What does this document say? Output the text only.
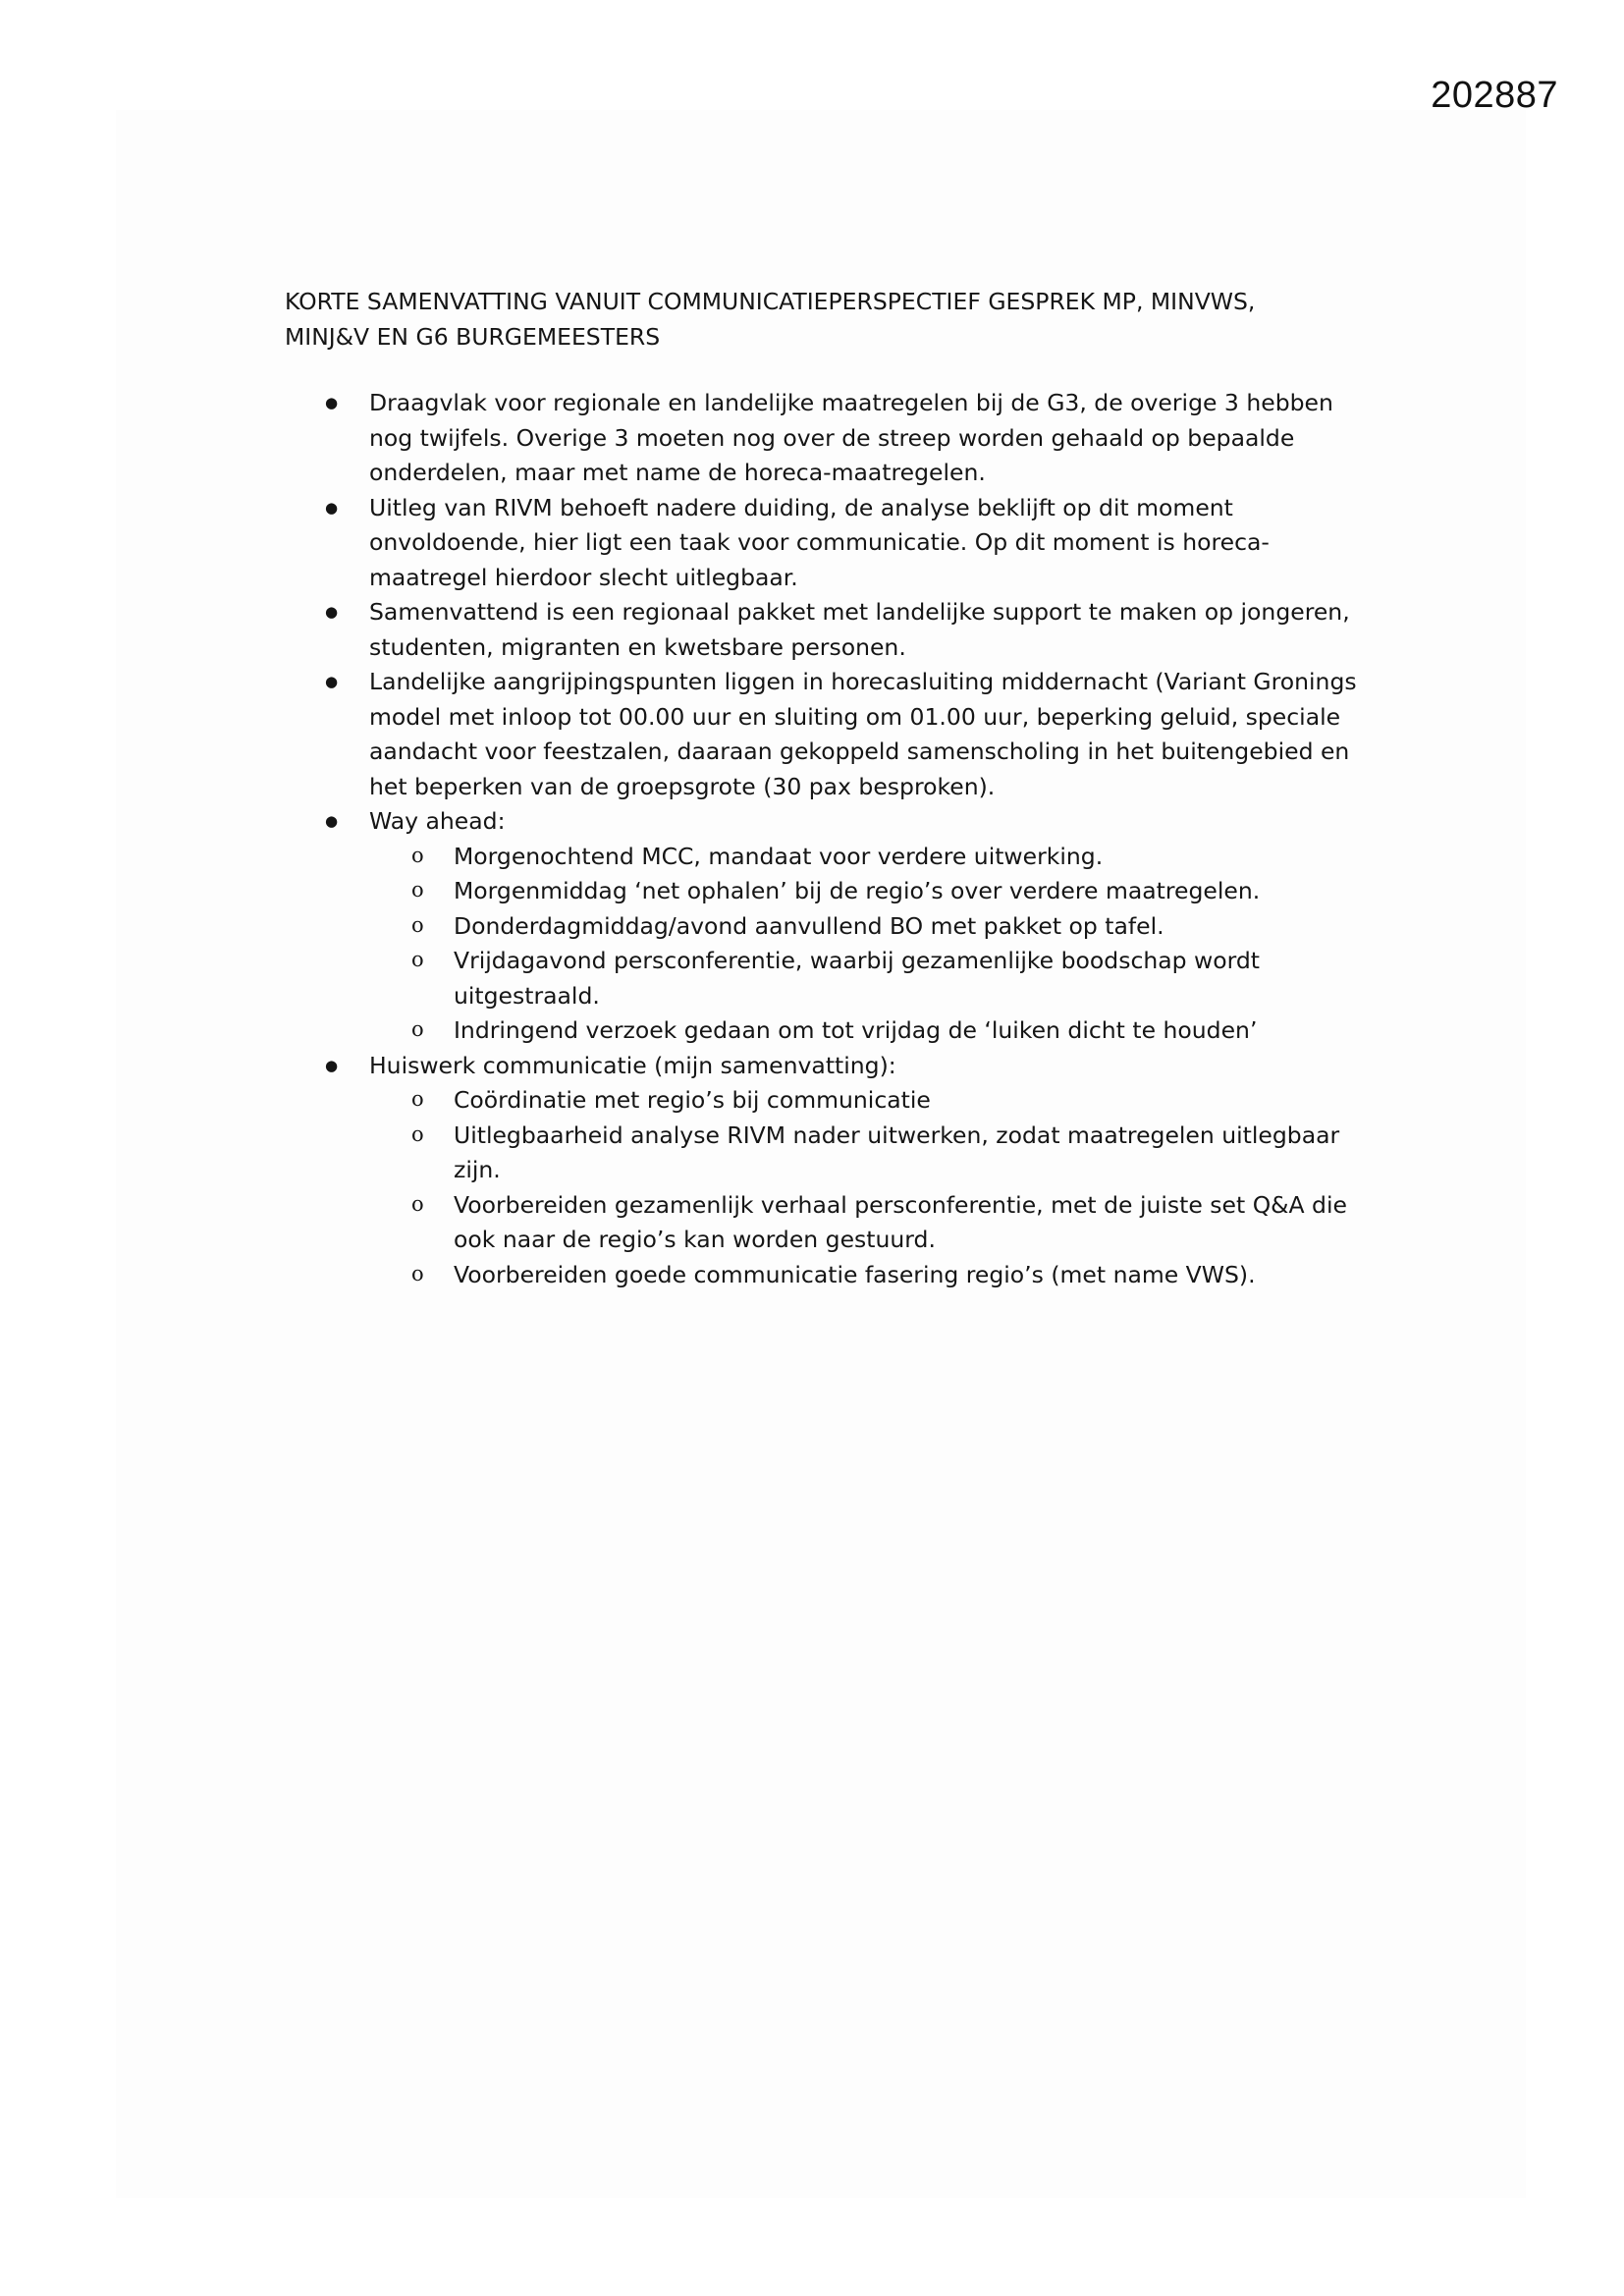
202887
KORTE SAMENVATTING VANUIT COMMUNICATIEPERSPECTIEF GESPREK MP, MINVWS,
MINJ&V EN G6 BURGEMEESTERS
● Draagvlak voor regionale en landelijke maatregelen bij de G3, de overige 3 hebben
nog twijfels. Overige 3 moeten nog over de streep worden gehaald op bepaalde
onderdelen, maar met name de horeca-maatregelen.
● Uitleg van RIVM behoeft nadere duiding, de analyse beklijft op dit moment
onvoldoende, hier ligt een taak voor communicatie. Op dit moment is horeca-
maatregel hierdoor slecht uitlegbaar.
● Samenvattend is een regionaal pakket met landelijke support te maken op jongeren,
studenten, migranten en kwetsbare personen.
● Landelijke aangrijpingspunten liggen in horecasluiting middernacht (Variant Gronings
model met inloop tot 00.00 uur en sluiting om 01.00 uur, beperking geluid, speciale
aandacht voor feestzalen, daaraan gekoppeld samenscholing in het buitengebied en
het beperken van de groepsgrote (30 pax besproken).
● Way ahead:
o Morgenochtend MCC, mandaat voor verdere uitwerking.
o Morgenmiddag ‘net ophalen’ bij de regio’s over verdere maatregelen.
o Donderdagmiddag/avond aanvullend BO met pakket op tafel.
o Vrijdagavond persconferentie, waarbij gezamenlijke boodschap wordt
uitgestraald.
o Indringend verzoek gedaan om tot vrijdag de ‘luiken dicht te houden’
● Huiswerk communicatie (mijn samenvatting):
o Coördinatie met regio’s bij communicatie
o Uitlegbaarheid analyse RIVM nader uitwerken, zodat maatregelen uitlegbaar
zijn.
o Voorbereiden gezamenlijk verhaal persconferentie, met de juiste set Q&A die
ook naar de regio’s kan worden gestuurd.
o Voorbereiden goede communicatie fasering regio’s (met name VWS).
